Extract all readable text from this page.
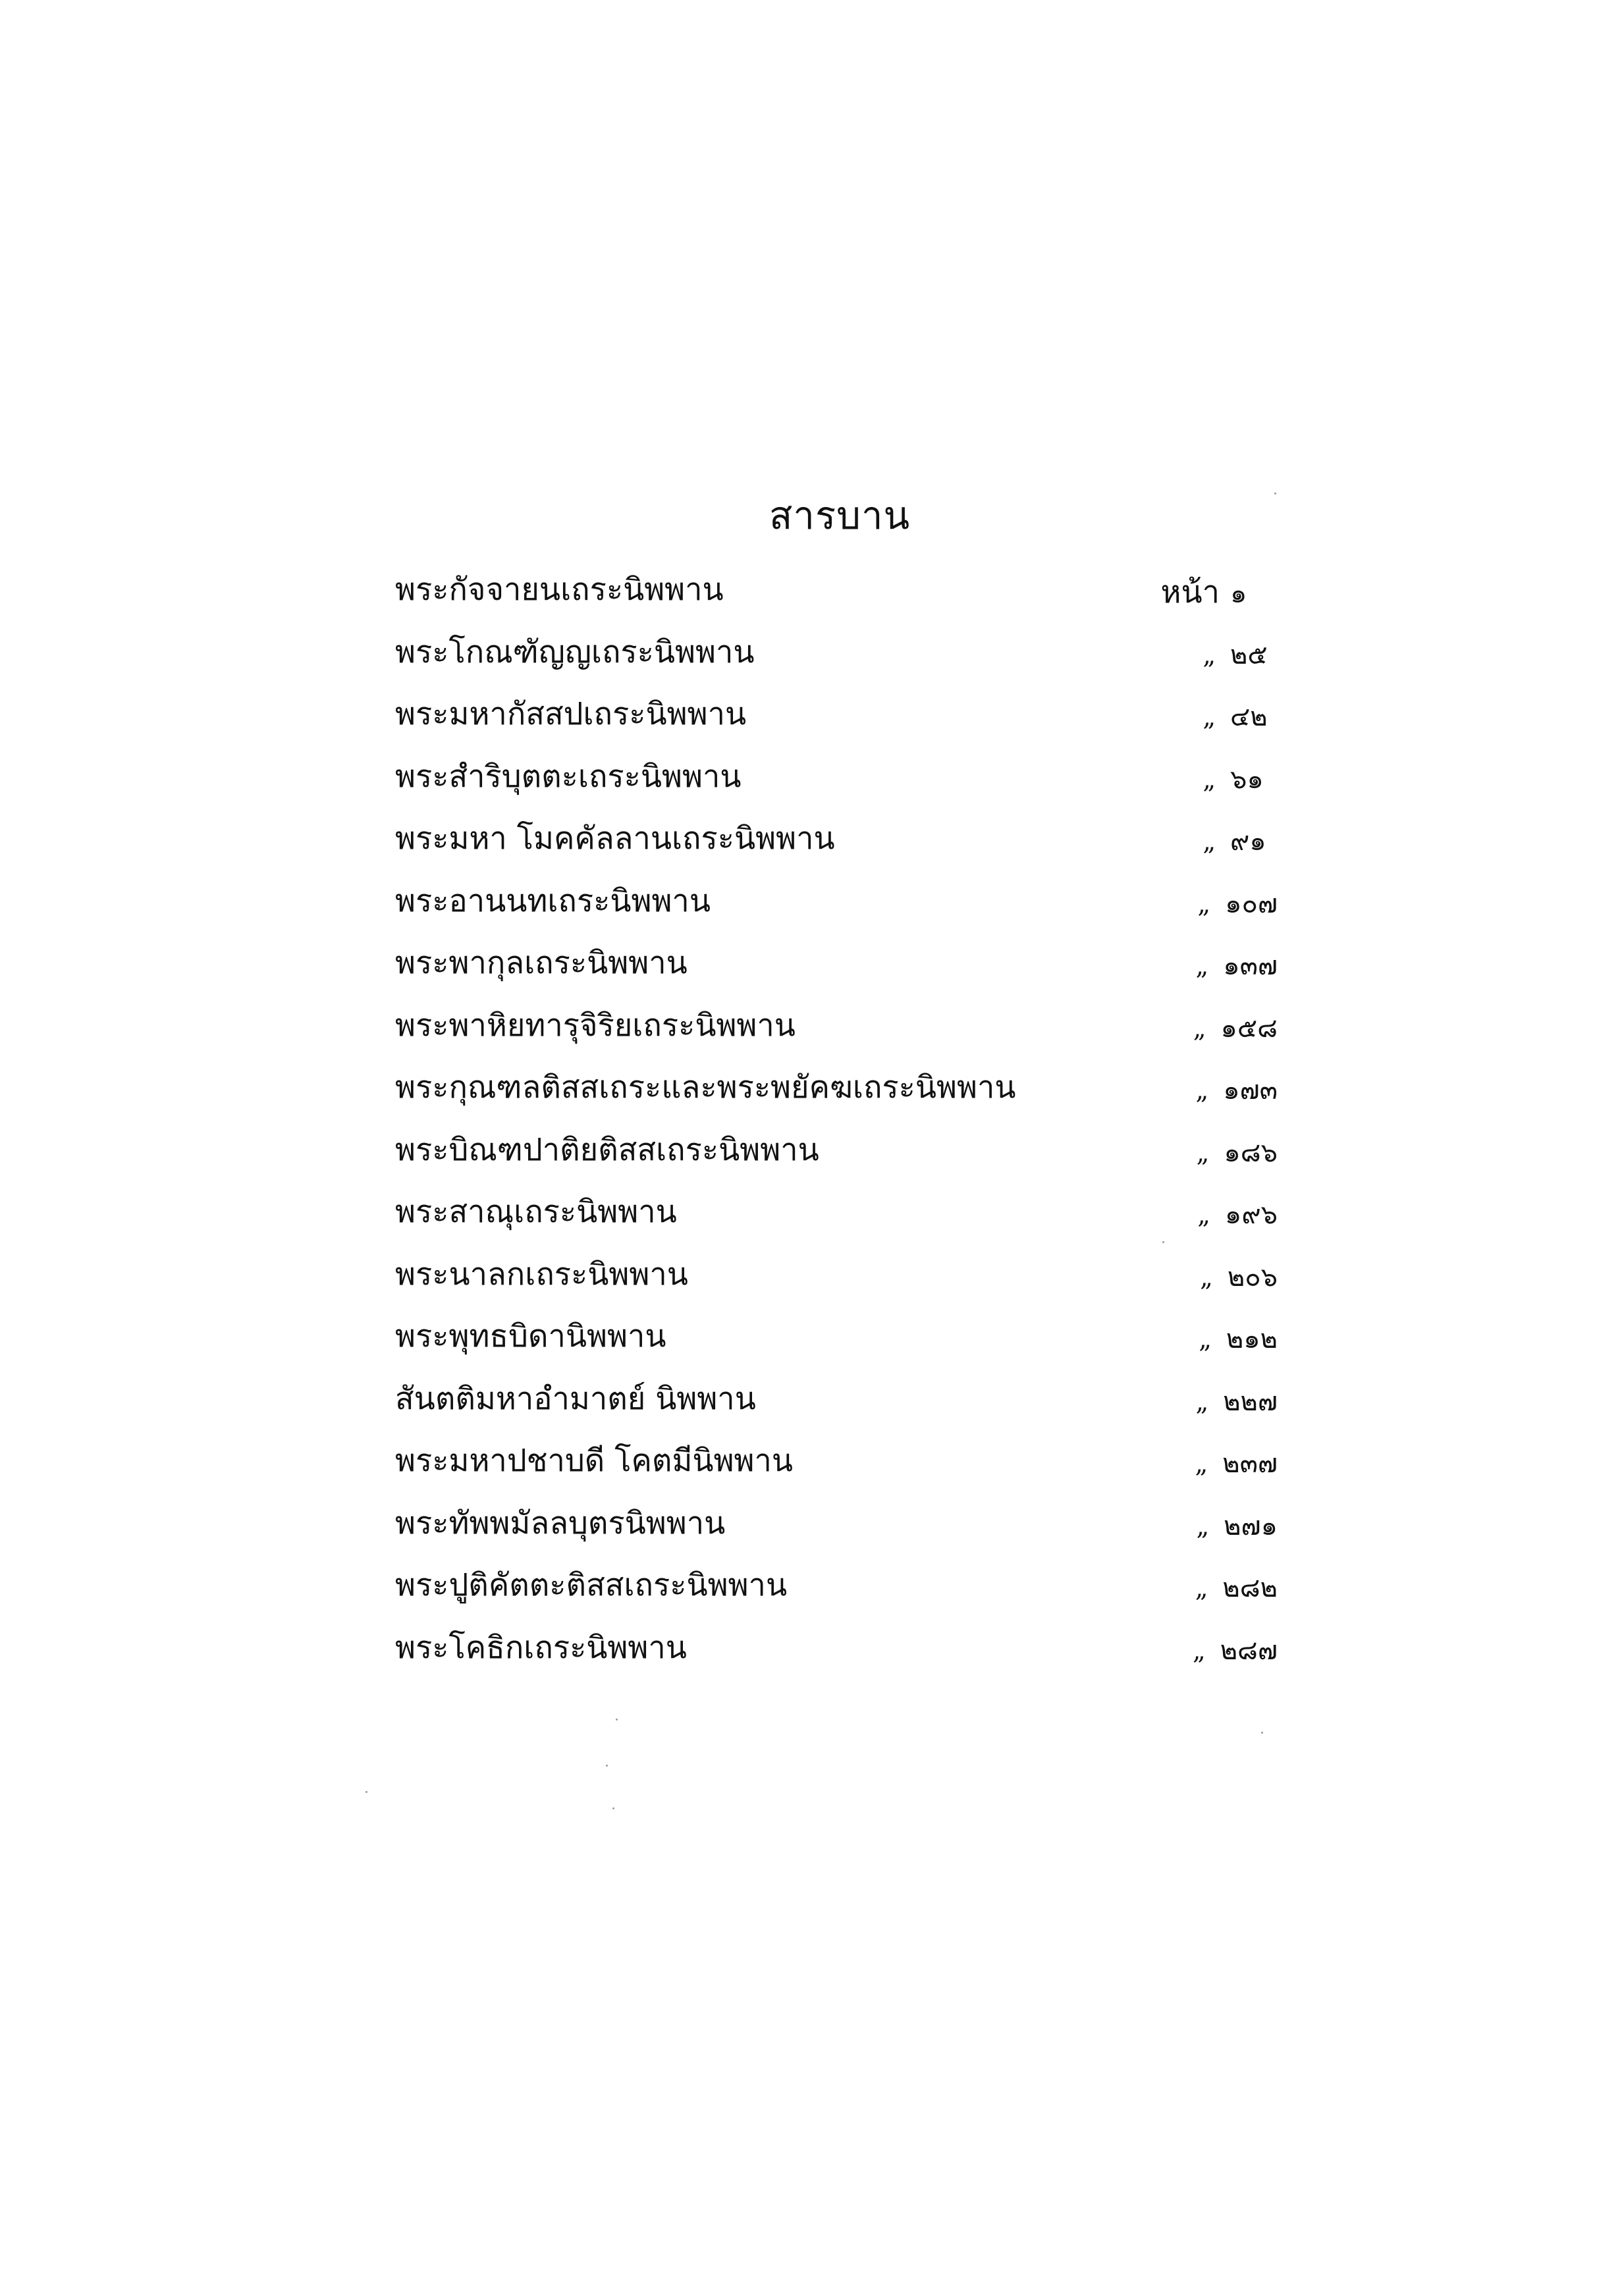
สารบาน
พระกัจจายนเถระนิพพาน	หน้า ๑
พระโกณฑัญญเถระนิพพาน	„ ๒๕
พระมหากัสสปเถระนิพพาน	„ ๔๒
พระสำริบุตตะเถระนิพพาน	„ ๖๑
พระมหา โมคคัลลานเถระนิพพาน	„ ๙๑
พระอานนทเถระนิพพาน	„ ๑๐๗
พระพากุลเถระนิพพาน	„ ๑๓๗
พระพาหิยทารุจิริยเถระนิพพาน	„ ๑๕๘
พระกุณฑลติสสเถระและพระพยัคฆเถระนิพพาน	„ ๑๗๓
พระบิณฑปาติยติสสเถระนิพพาน	„ ๑๘๖
พระสาณุเถระนิพพาน	„ ๑๙๖
พระนาลกเถระนิพพาน	„ ๒๐๖
พระพุทธบิดานิพพาน	„ ๒๑๒
สันตติมหาอำมาตย์ นิพพาน	„ ๒๒๗
พระมหาปชาบดี โคตมีนิพพาน	„ ๒๓๗
พระทัพพมัลลบุตรนิพพาน	„ ๒๗๑
พระปูติคัตตะติสสเถระนิพพาน	„ ๒๘๒
พระโคธิกเถระนิพพาน	„ ๒๘๗
